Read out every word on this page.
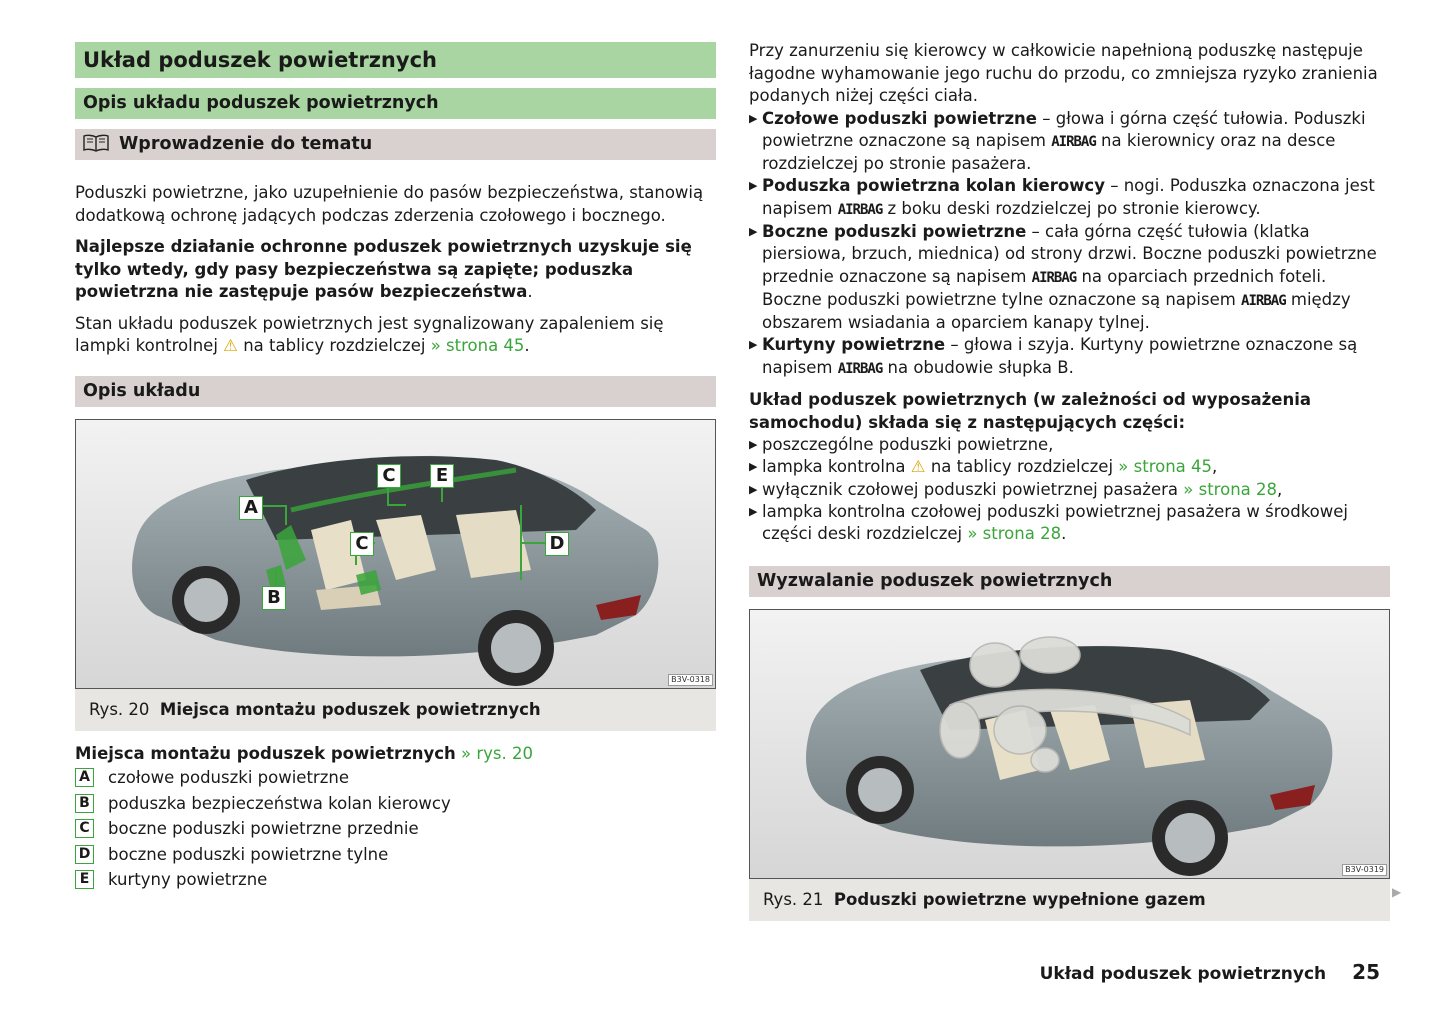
Układ poduszek powietrznych
Opis układu poduszek powietrznych
Wprowadzenie do tematu

Poduszki powietrzne, jako uzupełnienie do pasów bezpieczeństwa, stanowią dodatkową ochronę jadących podczas zderzenia czołowego i bocznego.

Najlepsze działanie ochronne poduszek powietrznych uzyskuje się tylko wtedy, gdy pasy bezpieczeństwa są zapięte; poduszka powietrzna nie zastępuje pasów bezpieczeństwa.

Stan układu poduszek powietrznych jest sygnalizowany zapaleniem się lampki kontrolnej ⚠ na tablicy rozdzielczej » strona 45.

Opis układu
A
B
C
C	D
E
B3V-0318
Rys. 20 Miejsca montażu poduszek powietrznych

Miejsca montażu poduszek powietrznych » rys. 20

A czołowe poduszki powietrzne
B poduszka bezpieczeństwa kolan kierowcy
C boczne poduszki powietrzne przednie
D boczne poduszki powietrzne tylne
E kurtyny powietrzne

Przy zanurzeniu się kierowcy w całkowicie napełnioną poduszkę następuje łagodne wyhamowanie jego ruchu do przodu, co zmniejsza ryzyko zranienia podanych niżej części ciała.

▶ Czołowe poduszki powietrzne – głowa i górna część tułowia. Poduszki powietrzne oznaczone są napisem AIRBAG na kierownicy oraz na desce rozdzielczej po stronie pasażera.
▶ Poduszka powietrzna kolan kierowcy – nogi. Poduszka oznaczona jest napisem AIRBAG z boku deski rozdzielczej po stronie kierowcy.
▶ Boczne poduszki powietrzne – cała górna część tułowia (klatka piersiowa, brzuch, miednica) od strony drzwi. Boczne poduszki powietrzne przednie oznaczone są napisem AIRBAG na oparciach przednich foteli. Boczne poduszki powietrzne tylne oznaczone są napisem AIRBAG między obszarem wsiadania a oparciem kanapy tylnej.
▶ Kurtyny powietrzne – głowa i szyja. Kurtyny powietrzne oznaczone są napisem AIRBAG na obudowie słupka B.

Układ poduszek powietrznych (w zależności od wyposażenia samochodu) składa się z następujących części:

▶ poszczególne poduszki powietrzne,
▶ lampka kontrolna ⚠ na tablicy rozdzielczej » strona 45,
▶ wyłącznik czołowej poduszki powietrznej pasażera » strona 28,
▶ lampka kontrolna czołowej poduszki powietrznej pasażera w środkowej części deski rozdzielczej » strona 28.
Wyzwalanie poduszek powietrznych
B3V-0319
Rys. 21 Poduszki powietrzne wypełnione gazem	▶
Układ poduszek powietrznych 25
